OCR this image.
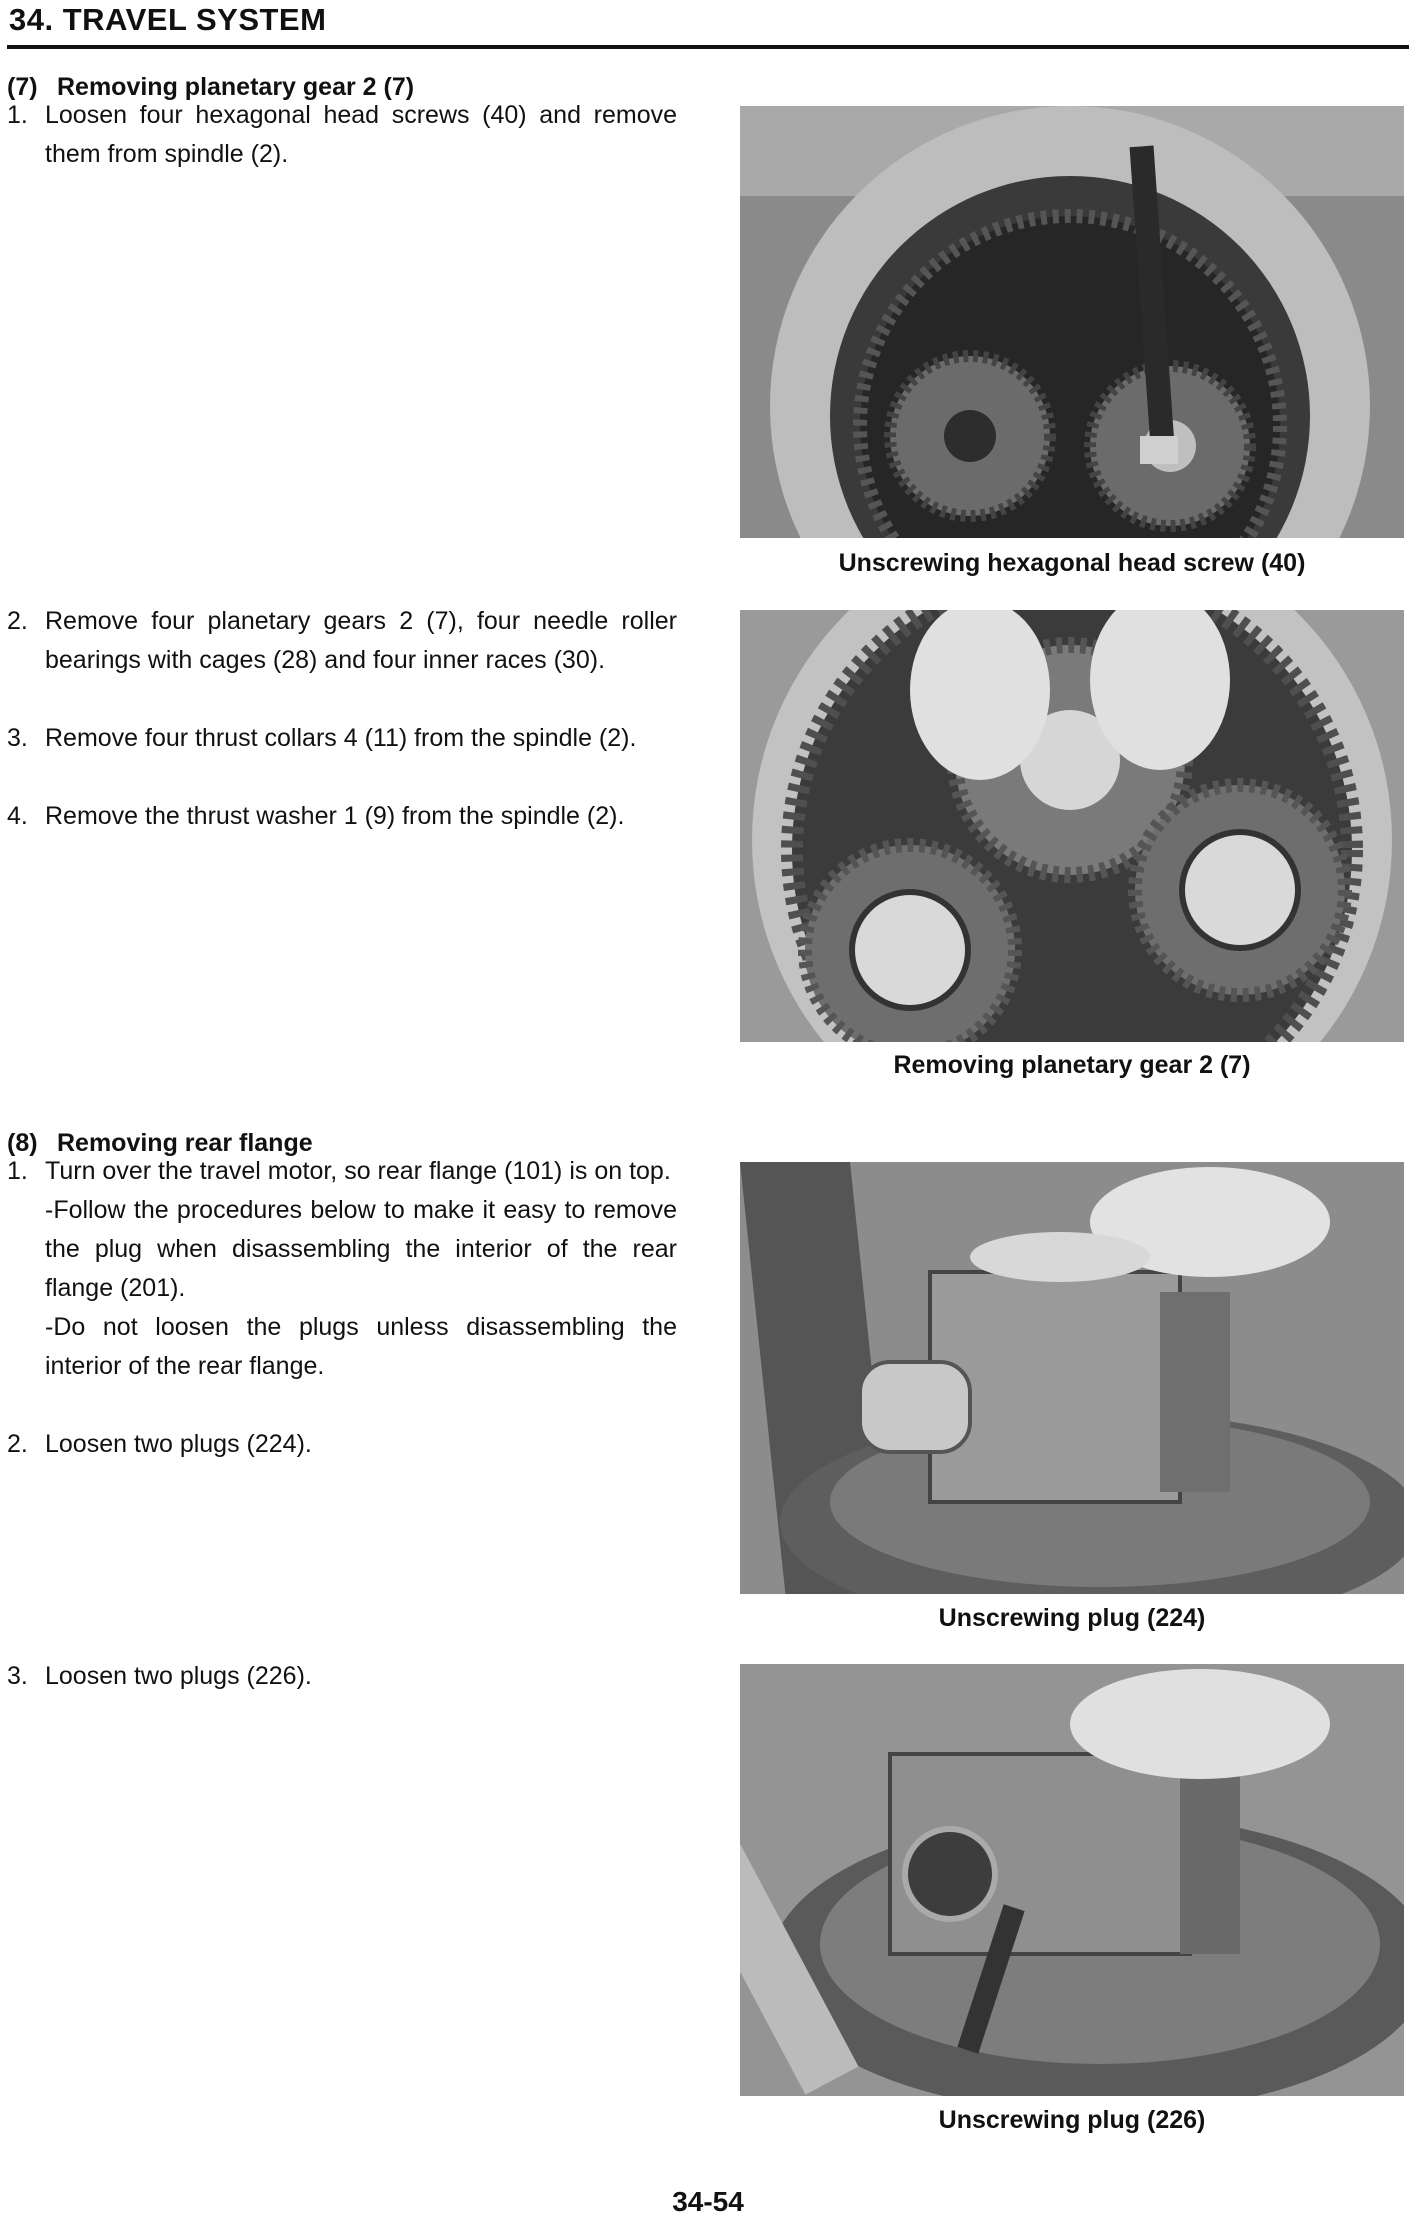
34. TRAVEL SYSTEM
(7) Removing planetary gear 2 (7)
1. Loosen four hexagonal head screws (40) and remove them from spindle (2).
Unscrewing hexagonal head screw (40)
2. Remove four planetary gears 2 (7), four needle roller bearings with cages (28) and four inner races (30).
3. Remove four thrust collars 4 (11) from the spindle (2).
4. Remove the thrust washer 1 (9) from the spindle (2).
Removing planetary gear 2 (7)
(8) Removing rear flange
1. Turn over the travel motor, so rear flange (101) is on top.
-Follow the procedures below to make it easy to remove the plug when disassembling the interior of the rear flange (201).
-Do not loosen the plugs unless disassembling the interior of the rear flange.
2. Loosen two plugs (224).
Unscrewing plug (224)
3. Loosen two plugs (226).
Unscrewing plug (226)
34-54
